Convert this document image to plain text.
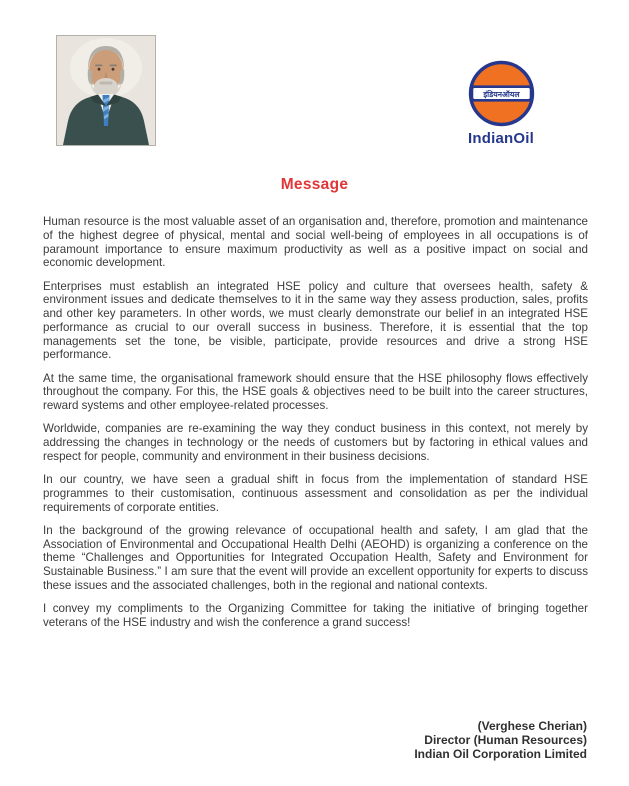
इंडियनऑयल
IndianOil
Message

Human resource is the most valuable asset of an organisation and, therefore, promotion and maintenance of the highest degree of physical, mental and social well-being of employees in all occupations is of paramount importance to ensure maximum productivity as well as a positive impact on social and economic development.

Enterprises must establish an integrated HSE policy and culture that oversees health, safety & environment issues and dedicate themselves to it in the same way they assess production, sales, profits and other key parameters. In other words, we must clearly demonstrate our belief in an integrated HSE performance as crucial to our overall success in business. Therefore, it is essential that the top managements set the tone, be visible, participate, provide resources and drive a strong HSE performance.

At the same time, the organisational framework should ensure that the HSE philosophy flows effectively throughout the company. For this, the HSE goals & objectives need to be built into the career structures, reward systems and other employee-related processes.

Worldwide, companies are re-examining the way they conduct business in this context, not merely by addressing the changes in technology or the needs of customers but by factoring in ethical values and respect for people, community and environment in their business decisions.

In our country, we have seen a gradual shift in focus from the implementation of standard HSE programmes to their customisation, continuous assessment and consolidation as per the individual requirements of corporate entities.

In the background of the growing relevance of occupational health and safety, I am glad that the Association of Environmental and Occupational Health Delhi (AEOHD) is organizing a conference on the theme “Challenges and Opportunities for Integrated Occupation Health, Safety and Environment for Sustainable Business.” I am sure that the event will provide an excellent opportunity for experts to discuss these issues and the associated challenges, both in the regional and national contexts.

I convey my compliments to the Organizing Committee for taking the initiative of bringing together veterans of the HSE industry and wish the conference a grand success!

(Verghese Cherian)
Director (Human Resources)
Indian Oil Corporation Limited
